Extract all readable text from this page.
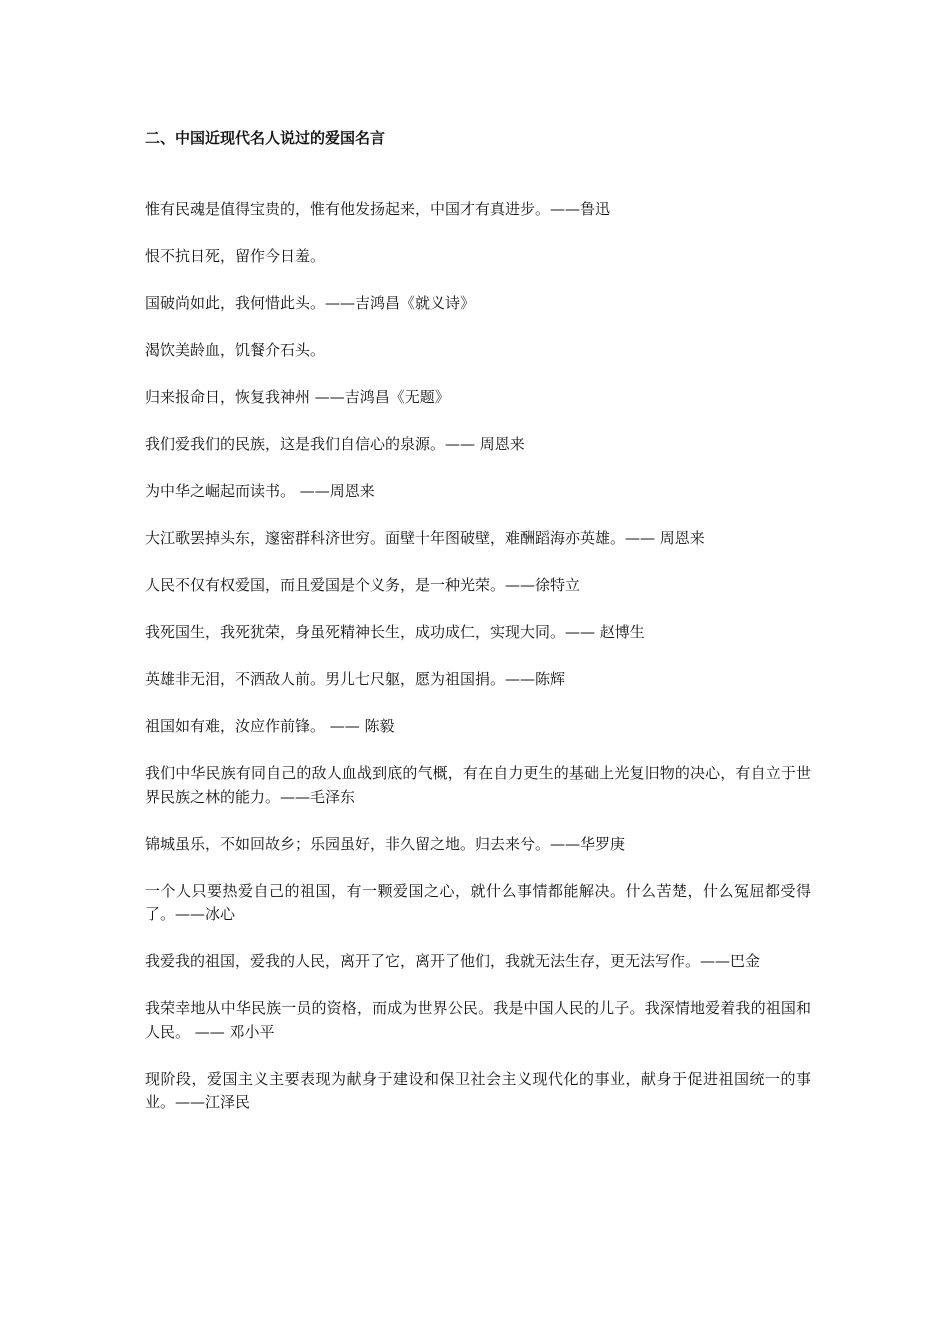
二、中国近现代名人说过的爱国名言
惟有民魂是值得宝贵的，惟有他发扬起来，中国才有真进步。——鲁迅
恨不抗日死，留作今日羞。
国破尚如此，我何惜此头。——吉鸿昌《就义诗》
渴饮美龄血，饥餐介石头。
归来报命日，恢复我神州 ——吉鸿昌《无题》
我们爱我们的民族，这是我们自信心的泉源。—— 周恩来
为中华之崛起而读书。 ——周恩来
大江歌罢掉头东，邃密群科济世穷。面壁十年图破壁，难酬蹈海亦英雄。—— 周恩来
人民不仅有权爱国，而且爱国是个义务，是一种光荣。——徐特立
我死国生，我死犹荣，身虽死精神长生，成功成仁，实现大同。—— 赵博生
英雄非无泪，不洒敌人前。男儿七尺躯，愿为祖国捐。——陈辉
祖国如有难，汝应作前锋。 —— 陈毅
我们中华民族有同自己的敌人血战到底的气概，有在自力更生的基础上光复旧物的决心，有自立于世界民族之林的能力。——毛泽东
锦城虽乐，不如回故乡；乐园虽好，非久留之地。归去来兮。——华罗庚
一个人只要热爱自己的祖国，有一颗爱国之心，就什么事情都能解决。什么苦楚，什么冤屈都受得了。——冰心
我爱我的祖国，爱我的人民，离开了它，离开了他们，我就无法生存，更无法写作。——巴金
我荣幸地从中华民族一员的资格，而成为世界公民。我是中国人民的儿子。我深情地爱着我的祖国和人民。 —— 邓小平
现阶段，爱国主义主要表现为献身于建设和保卫社会主义现代化的事业，献身于促进祖国统一的事业。——江泽民
